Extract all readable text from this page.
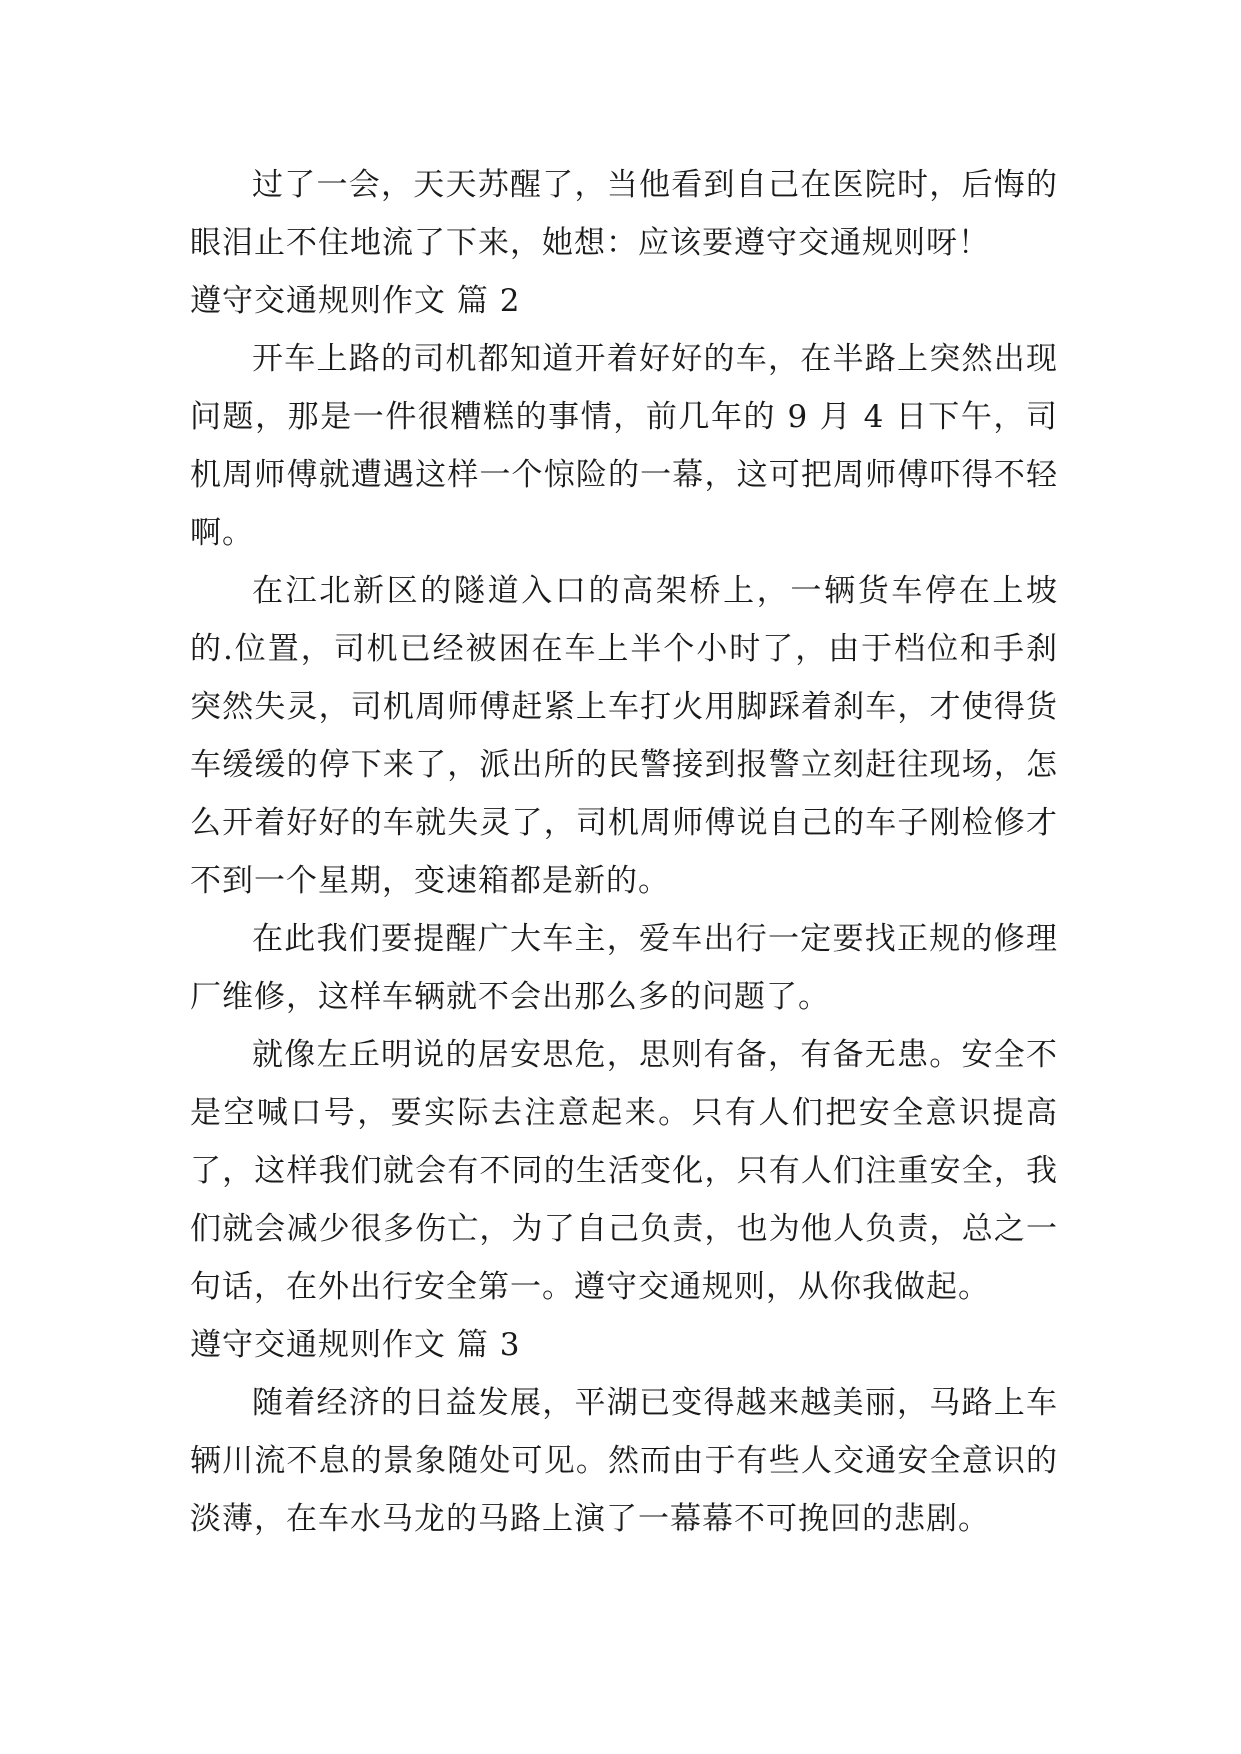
过了一会，天天苏醒了，当他看到自己在医院时，后悔的眼泪止不住地流了下来，她想：应该要遵守交通规则呀！

遵守交通规则作文 篇 2

开车上路的司机都知道开着好好的车，在半路上突然出现问题，那是一件很糟糕的事情，前几年的 9 月 4 日下午，司机周师傅就遭遇这样一个惊险的一幕，这可把周师傅吓得不轻啊。

在江北新区的隧道入口的高架桥上，一辆货车停在上坡的.位置，司机已经被困在车上半个小时了，由于档位和手刹突然失灵，司机周师傅赶紧上车打火用脚踩着刹车，才使得货车缓缓的停下来了，派出所的民警接到报警立刻赶往现场，怎么开着好好的车就失灵了，司机周师傅说自己的车子刚检修才不到一个星期，变速箱都是新的。

在此我们要提醒广大车主，爱车出行一定要找正规的修理厂维修，这样车辆就不会出那么多的问题了。

就像左丘明说的居安思危，思则有备，有备无患。安全不是空喊口号，要实际去注意起来。只有人们把安全意识提高了，这样我们就会有不同的生活变化，只有人们注重安全，我们就会减少很多伤亡，为了自己负责，也为他人负责，总之一句话，在外出行安全第一。遵守交通规则，从你我做起。

遵守交通规则作文 篇 3

随着经济的日益发展，平湖已变得越来越美丽，马路上车辆川流不息的景象随处可见。然而由于有些人交通安全意识的淡薄，在车水马龙的马路上演了一幕幕不可挽回的悲剧。
